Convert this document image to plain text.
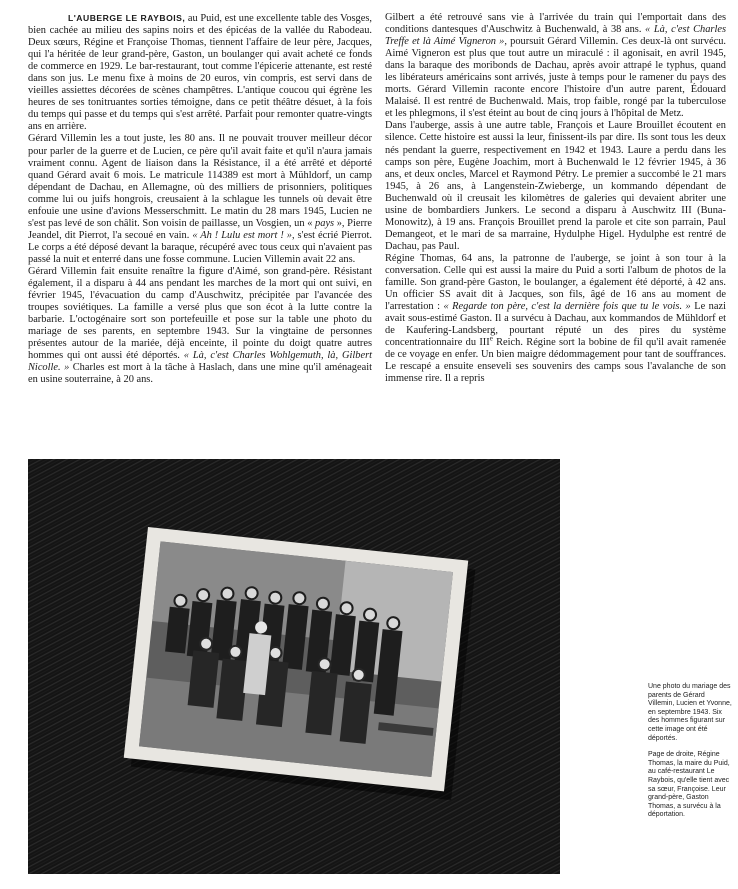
L'AUBERGE LE RAYBOIS, au Puid, est une excellente table des Vosges, bien cachée au milieu des sapins noirs et des épicéas de la vallée du Rabodeau. Deux sœurs, Régine et Françoise Thomas, tiennent l'affaire de leur père, Jacques, qui l'a héritée de leur grand-père, Gaston, un boulanger qui avait acheté ce fonds de commerce en 1929. Le bar-restaurant, tout comme l'épicerie attenante, est resté dans son jus. Le menu fixe à moins de 20 euros, vin compris, est servi dans de vieilles assiettes décorées de scènes champêtres. L'antique coucou qui égrène les heures de ses tonitruantes sorties témoigne, dans ce petit théâtre désuet, à la fois du temps qui passe et du temps qui s'est arrêté. Parfait pour remonter quatre-vingts ans en arrière.

Gérard Villemin les a tout juste, les 80 ans. Il ne pouvait trouver meilleur décor pour parler de la guerre et de Lucien, ce père qu'il avait faite et qu'il n'aura jamais vraiment connu. Agent de liaison dans la Résistance, il a été arrêté et déporté quand Gérard avait 6 mois. Le matricule 114389 est mort à Mühldorf, un camp dépendant de Dachau, en Allemagne, où des milliers de prisonniers, politiques comme lui ou juifs hongrois, creusaient à la schlague les tunnels où devait être enfouie une usine d'avions Messerschmitt. Le matin du 28 mars 1945, Lucien ne s'est pas levé de son châlit. Son voisin de paillasse, un Vosgien, un « pays », Pierre Jeandel, dit Pierrot, l'a secoué en vain. « Ah ! Lulu est mort ! », s'est écrié Pierrot. Le corps a été déposé devant la baraque, récupéré avec tous ceux qui n'avaient pas passé la nuit et enterré dans une fosse commune. Lucien Villemin avait 22 ans.

Gérard Villemin fait ensuite renaître la figure d'Aimé, son grand-père. Résistant également, il a disparu à 44 ans pendant les marches de la mort qui ont suivi, en février 1945, l'évacuation du camp d'Auschwitz, précipitée par l'avancée des troupes soviétiques. La famille a versé plus que son écot à la lutte contre la barbarie. L'octogénaire sort son portefeuille et pose sur la table une photo du mariage de ses parents, en septembre 1943. Sur la vingtaine de personnes présentes autour de la mariée, déjà enceinte, il pointe du doigt quatre autres hommes qui ont aussi été déportés. « Là, c'est Charles Wohlgemuth, là, Gilbert Nicolle. » Charles est mort à la tâche à Haslach, dans une mine qu'il aménageait en usine souterraine, à 20 ans.

Gilbert a été retrouvé sans vie à l'arrivée du train qui l'emportait dans des conditions dantesques d'Auschwitz à Buchenwald, à 38 ans. « Là, c'est Charles Treffe et là Aimé Vigneron », poursuit Gérard Villemin. Ces deux-là ont survécu. Aimé Vigneron est plus que tout autre un miraculé : il agonisait, en avril 1945, dans la baraque des moribonds de Dachau, après avoir attrapé le typhus, quand les libérateurs américains sont arrivés, juste à temps pour le ramener du pays des morts. Gérard Villemin raconte encore l'histoire d'un autre parent, Édouard Malaisé. Il est rentré de Buchenwald. Mais, trop faible, rongé par la tuberculose et les phlegmons, il s'est éteint au bout de cinq jours à l'hôpital de Metz.

Dans l'auberge, assis à une autre table, François et Laure Brouillet écoutent en silence. Cette histoire est aussi la leur, finissent-ils par dire. Ils sont tous les deux nés pendant la guerre, respectivement en 1942 et 1943. Laure a perdu dans les camps son père, Eugène Joachim, mort à Buchenwald le 12 février 1945, à 36 ans, et deux oncles, Marcel et Raymond Pétry. Le premier a succombé le 21 mars 1945, à 26 ans, à Langenstein-Zwieberge, un kommando dépendant de Buchenwald où il creusait les kilomètres de galeries qui devaient abriter une usine de bombardiers Junkers. Le second a disparu à Auschwitz III (Buna-Monowitz), à 19 ans. François Brouillet prend la parole et cite son parrain, Paul Demangeot, et le mari de sa marraine, Hydulphe Higel. Hydulphe est rentré de Dachau, pas Paul.

Régine Thomas, 64 ans, la patronne de l'auberge, se joint à son tour à la conversation. Celle qui est aussi la maire du Puid a sorti l'album de photos de la famille. Son grand-père Gaston, le boulanger, a également été déporté, à 42 ans. Un officier SS avait dit à Jacques, son fils, âgé de 16 ans au moment de l'arrestation : « Regarde ton père, c'est la dernière fois que tu le vois. » Le nazi avait sous-estimé Gaston. Il a survécu à Dachau, aux kommandos de Mühldorf et de Kaufering-Landsberg, pourtant réputé un des pires du système concentrationnaire du IIIe Reich. Régine sort la bobine de fil qu'il avait ramenée de ce voyage en enfer. Un bien maigre dédommagement pour tant de souffrances. Le rescapé a ensuite enseveli ses souvenirs des camps sous l'avalanche de son immense rire. Il a repris

Une photo du mariage des parents de Gérard Villemin, Lucien et Yvonne, en septembre 1943. Six des hommes figurant sur cette image ont été déportés.

Page de droite, Régine Thomas, la maire du Puid, au café-restaurant Le Raybois, qu'elle tient avec sa sœur, Françoise. Leur grand-père, Gaston Thomas, a survécu à la déportation.
